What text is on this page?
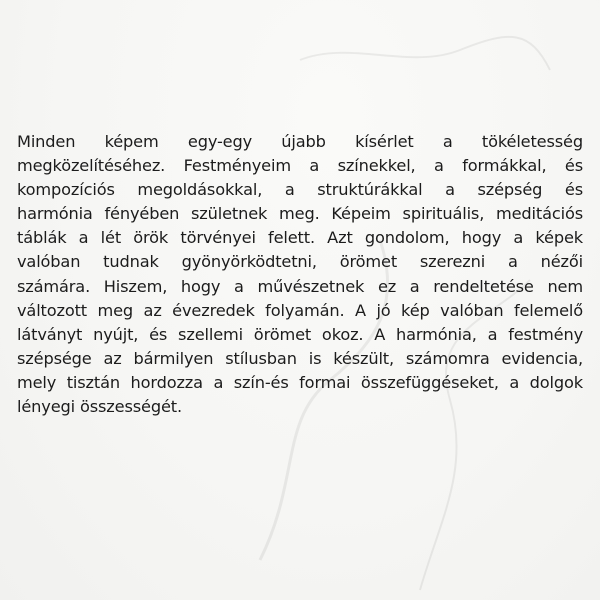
Minden képem egy-egy újabb kísérlet a tökéletesség
megközelítéséhez. Festményeim a színekkel, a formákkal, és
kompozíciós megoldásokkal, a struktúrákkal a szépség és
harmónia fényében születnek meg. Képeim spirituális, meditációs
táblák a lét örök törvényei felett. Azt gondolom, hogy a képek
valóban tudnak gyönyörködtetni, örömet szerezni a nézői
számára. Hiszem, hogy a művészetnek ez a rendeltetése nem
változott meg az évezredek folyamán. A jó kép valóban felemelő
látványt nyújt, és szellemi örömet okoz. A harmónia, a festmény
szépsége az bármilyen stílusban is készült, számomra evidencia,
mely tisztán hordozza a szín-és formai összefüggéseket, a dolgok
lényegi összességét.
